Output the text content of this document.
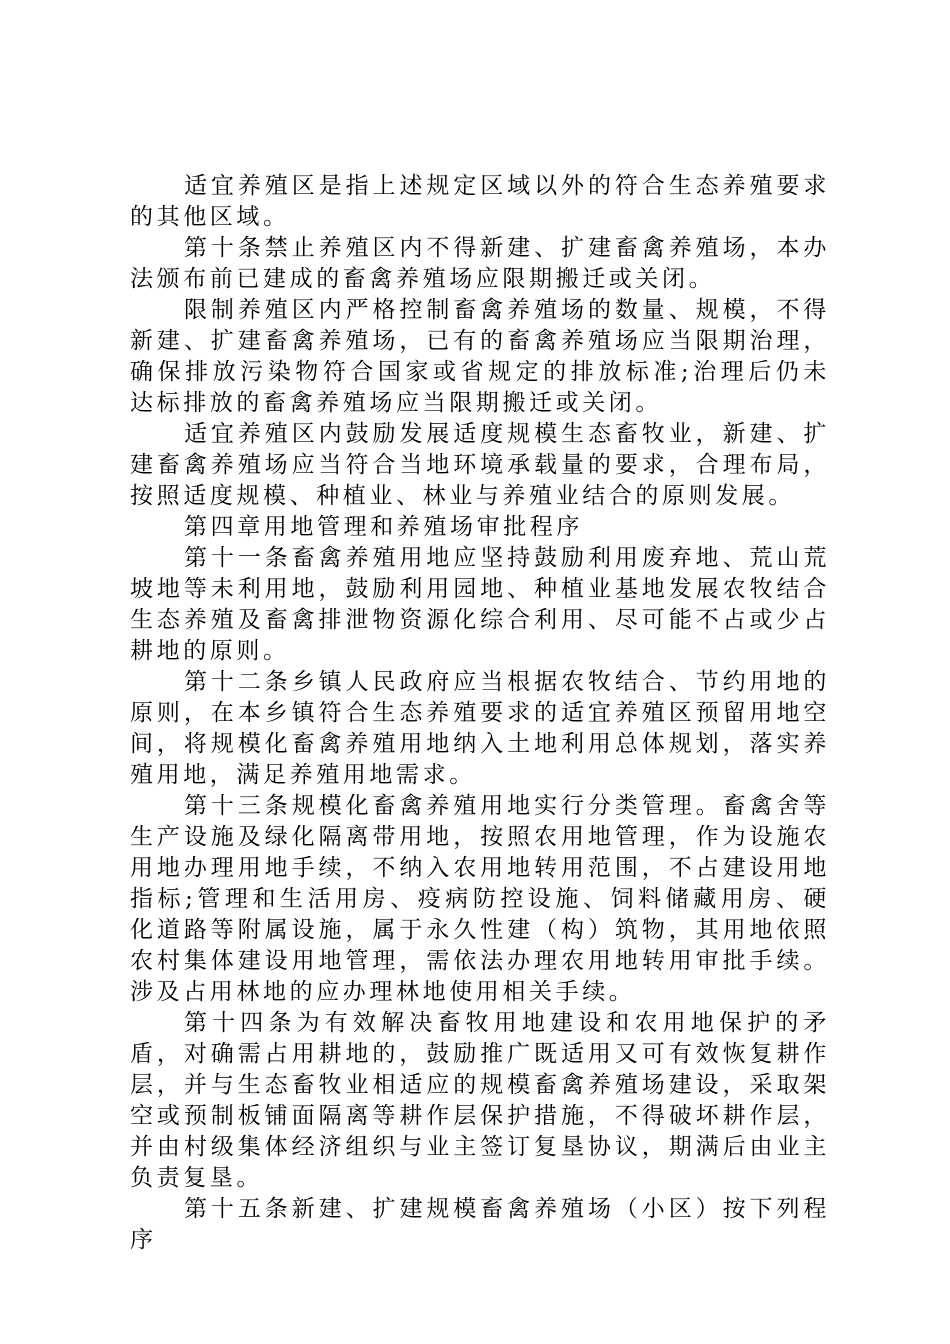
适宜养殖区是指上述规定区域以外的符合生态养殖要求的其他区域。

第十条禁止养殖区内不得新建、扩建畜禽养殖场，本办法颁布前已建成的畜禽养殖场应限期搬迁或关闭。

限制养殖区内严格控制畜禽养殖场的数量、规模，不得新建、扩建畜禽养殖场，已有的畜禽养殖场应当限期治理，确保排放污染物符合国家或省规定的排放标准;治理后仍未达标排放的畜禽养殖场应当限期搬迁或关闭。

适宜养殖区内鼓励发展适度规模生态畜牧业，新建、扩建畜禽养殖场应当符合当地环境承载量的要求，合理布局，按照适度规模、种植业、林业与养殖业结合的原则发展。

第四章用地管理和养殖场审批程序

第十一条畜禽养殖用地应坚持鼓励利用废弃地、荒山荒坡地等未利用地，鼓励利用园地、种植业基地发展农牧结合生态养殖及畜禽排泄物资源化综合利用、尽可能不占或少占耕地的原则。

第十二条乡镇人民政府应当根据农牧结合、节约用地的原则，在本乡镇符合生态养殖要求的适宜养殖区预留用地空间，将规模化畜禽养殖用地纳入土地利用总体规划，落实养殖用地，满足养殖用地需求。

第十三条规模化畜禽养殖用地实行分类管理。畜禽舍等生产设施及绿化隔离带用地，按照农用地管理，作为设施农用地办理用地手续，不纳入农用地转用范围，不占建设用地指标;管理和生活用房、疫病防控设施、饲料储藏用房、硬化道路等附属设施，属于永久性建（构）筑物，其用地依照农村集体建设用地管理，需依法办理农用地转用审批手续。涉及占用林地的应办理林地使用相关手续。

第十四条为有效解决畜牧用地建设和农用地保护的矛盾，对确需占用耕地的，鼓励推广既适用又可有效恢复耕作层，并与生态畜牧业相适应的规模畜禽养殖场建设，采取架空或预制板铺面隔离等耕作层保护措施，不得破坏耕作层，并由村级集体经济组织与业主签订复垦协议，期满后由业主负责复垦。

第十五条新建、扩建规模畜禽养殖场（小区）按下列程序
